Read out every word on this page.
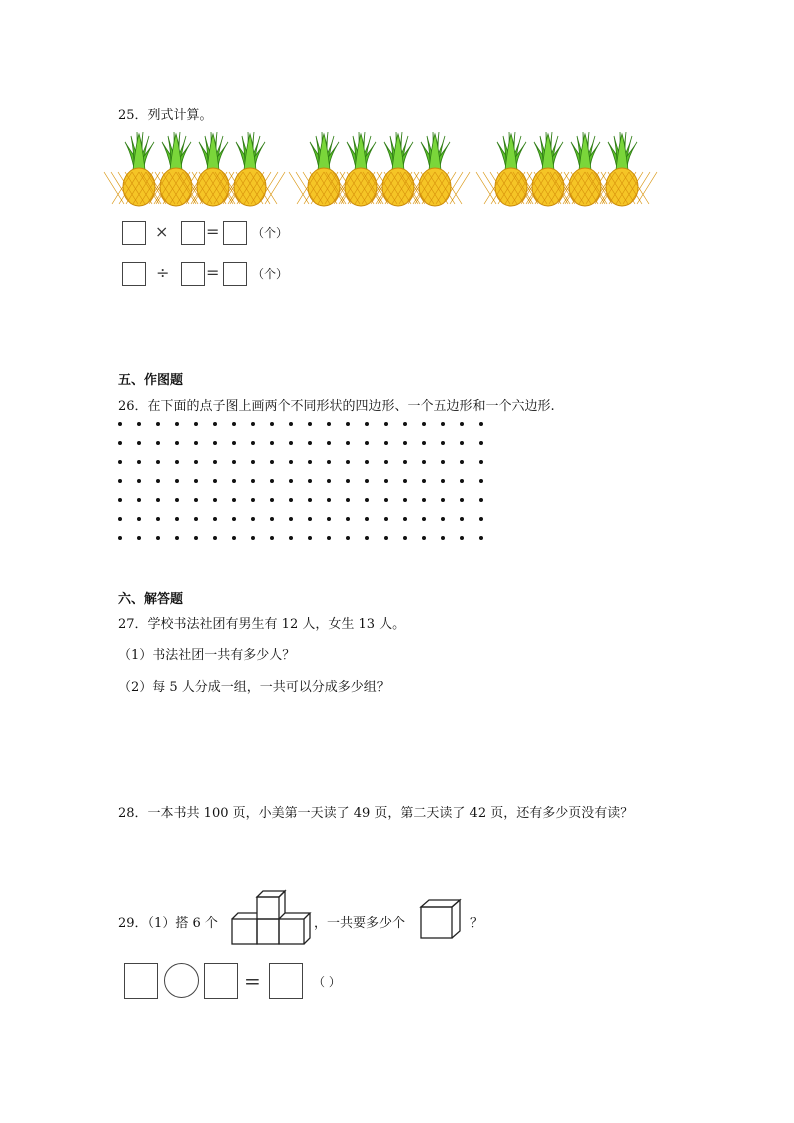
25．列式计算。
× =	（个）
÷ =	（个）
五、作图题
26．在下面的点子图上画两个不同形状的四边形、一个五边形和一个六边形.
六、解答题
27．学校书法社团有男生有 12 人，女生 13 人。
（1）书法社团一共有多少人？
（2）每 5 人分成一组，一共可以分成多少组？
28．一本书共 100 页，小美第一天读了 49 页，第二天读了 42 页，还有多少页没有读？
29．（1）搭 6 个	，一共要多少个	？
=	（ ）
